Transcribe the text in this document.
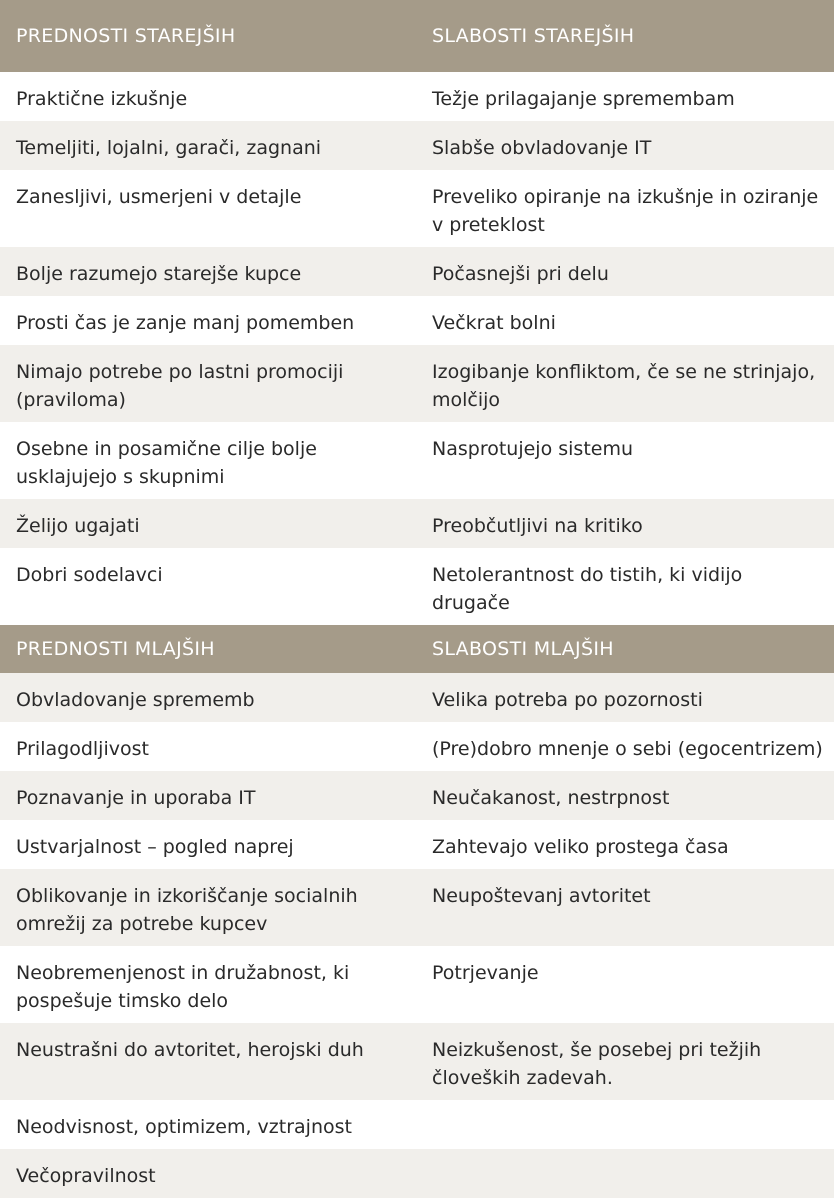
PREDNOSTI STAREJŠIH	SLABOSTI STAREJŠIH
Praktične izkušnje	Težje prilagajanje spremembam
Temeljiti, lojalni, garači, zagnani	Slabše obvladovanje IT
Zanesljivi, usmerjeni v detajle	Preveliko opiranje na izkušnje in oziranje v preteklost
Bolje razumejo starejše kupce	Počasnejši pri delu
Prosti čas je zanje manj pomemben	Večkrat bolni
Nimajo potrebe po lastni promociji (praviloma)	Izogibanje konfliktom, če se ne strinjajo, molčijo
Osebne in posamične cilje bolje usklajujejo s skupnimi	Nasprotujejo sistemu
Želijo ugajati	Preobčutljivi na kritiko
Dobri sodelavci	Netolerantnost do tistih, ki vidijo drugače
PREDNOSTI MLAJŠIH	SLABOSTI MLAJŠIH
Obvladovanje sprememb	Velika potreba po pozornosti
Prilagodljivost	(Pre)dobro mnenje o sebi (egocentrizem)
Poznavanje in uporaba IT	Neučakanost, nestrpnost
Ustvarjalnost – pogled naprej	Zahtevajo veliko prostega časa
Oblikovanje in izkoriščanje socialnih omrežij za potrebe kupcev	Neupoštevanj avtoritet
Neobremenjenost in družabnost, ki pospešuje timsko delo	Potrjevanje
Neustrašni do avtoritet, herojski duh	Neizkušenost, še posebej pri težjih človeških zadevah.
Neodvisnost, optimizem, vztrajnost	
Večopravilnost	
